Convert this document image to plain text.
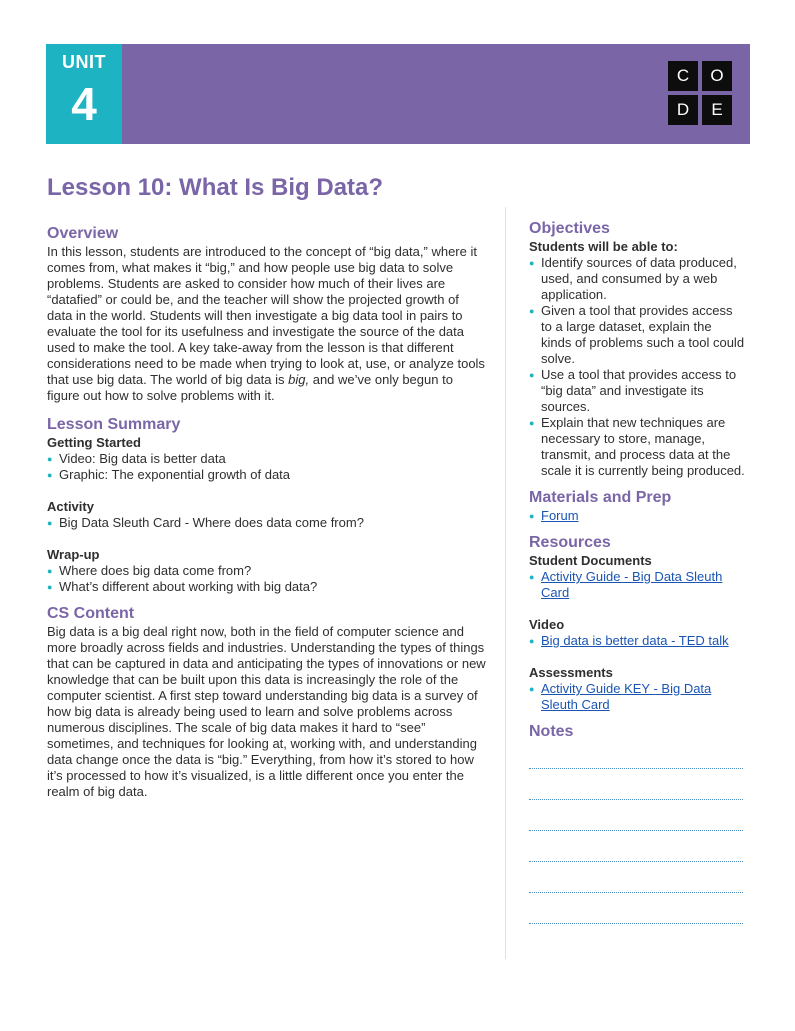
UNIT
4
C	O
D	E
Lesson 10: What Is Big Data?
Overview

In this lesson, students are introduced to the concept of “big data,” where it comes from, what makes it “big,” and how people use big data to solve problems. Students are asked to consider how much of their lives are “datafied” or could be, and the teacher will show the projected growth of data in the world. Students will then investigate a big data tool in pairs to evaluate the tool for its usefulness and investigate the source of the data used to make the tool. A key take-away from the lesson is that different considerations need to be made when trying to look at, use, or analyze tools that use big data. The world of big data is big, and we’ve only begun to figure out how to solve problems with it.

Lesson Summary
Getting Started
● Video: Big data is better data
● Graphic: The exponential growth of data
Activity
● Big Data Sleuth Card - Where does data come from?
Wrap-up
● Where does big data come from?
● What’s different about working with big data?
CS Content

Big data is a big deal right now, both in the field of computer science and more broadly across fields and industries. Understanding the types of things that can be captured in data and anticipating the types of innovations or new knowledge that can be built upon this data is increasingly the role of the computer scientist. A first step toward understanding big data is a survey of how big data is already being used to learn and solve problems across numerous disciplines. The scale of big data makes it hard to “see” sometimes, and techniques for looking at, working with, and understanding data change once the data is “big.” Everything, from how it’s stored to how it’s processed to how it’s visualized, is a little different once you enter the realm of big data.

Objectives
Students will be able to:
● Identify sources of data produced, used, and consumed by a web application.
● Given a tool that provides access to a large dataset, explain the kinds of problems such a tool could solve.
● Use a tool that provides access to “big data” and investigate its sources.
● Explain that new techniques are necessary to store, manage, transmit, and process data at the scale it is currently being produced.
Materials and Prep
● Forum
Resources
Student Documents
● Activity Guide - Big Data Sleuth Card
Video
● Big data is better data - TED talk
Assessments
● Activity Guide KEY - Big Data Sleuth Card
Notes
